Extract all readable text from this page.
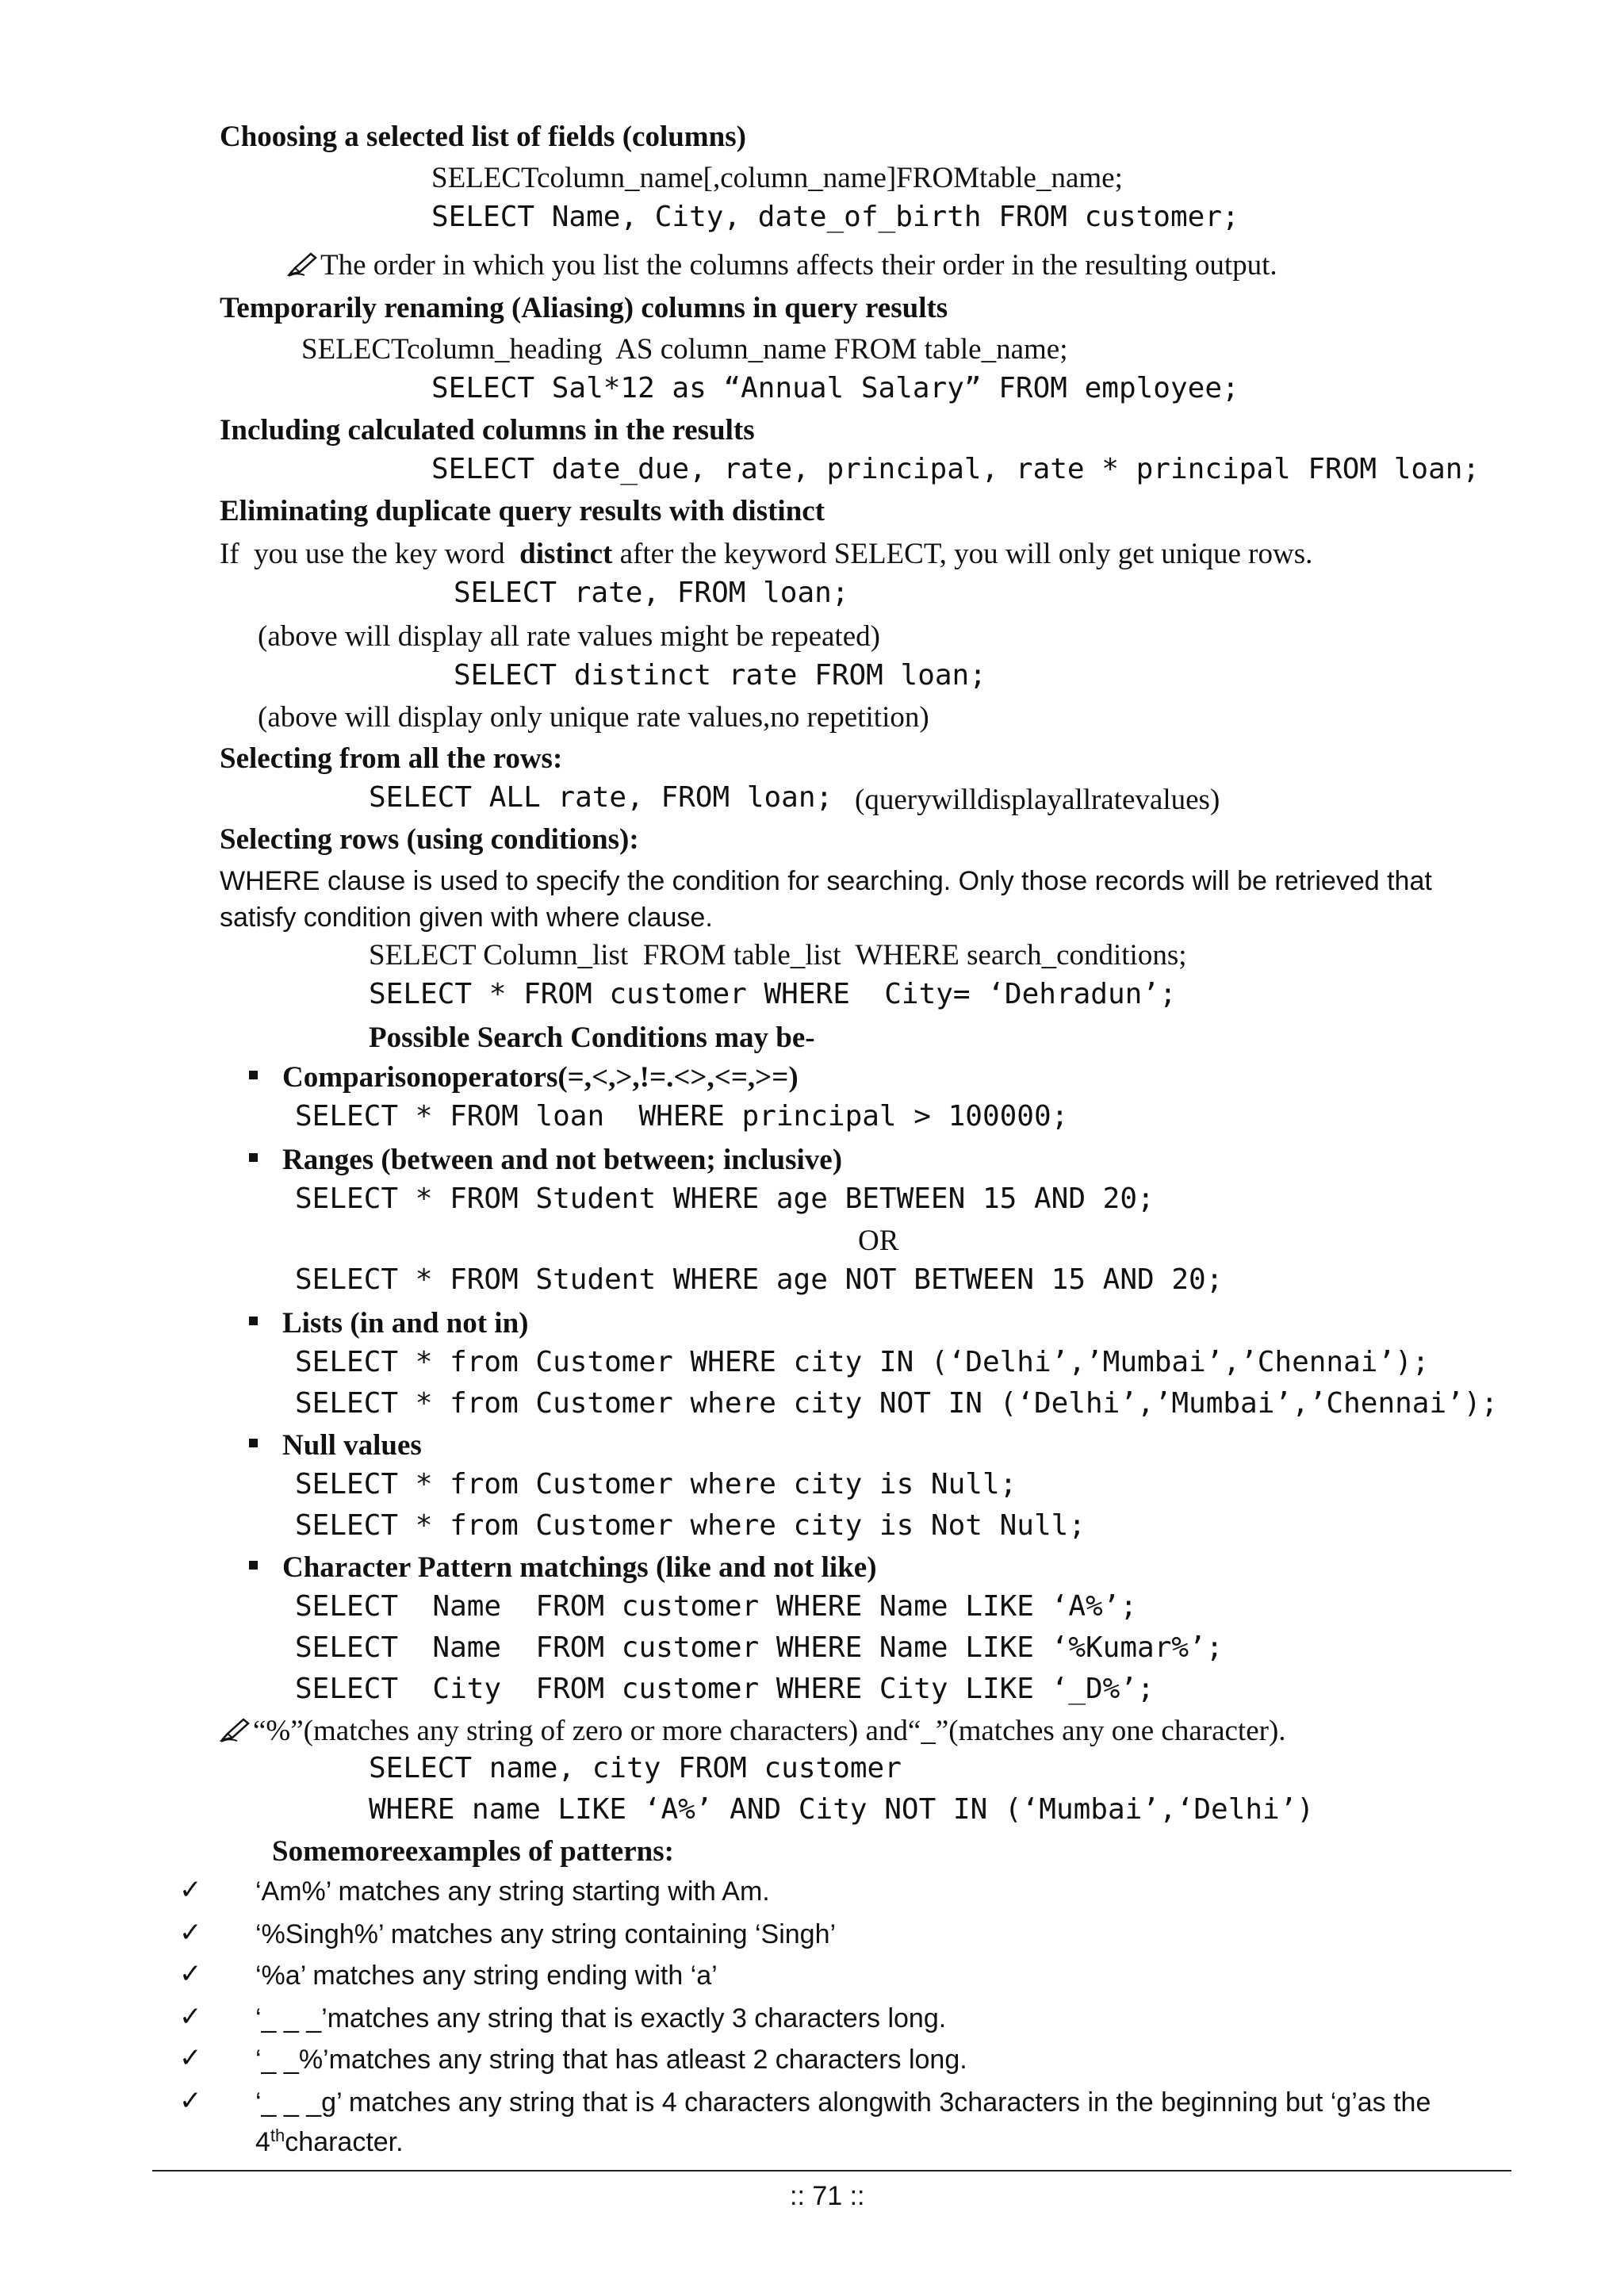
Choosing a selected list of fields (columns)
SELECTcolumn_name[,column_name]FROMtable_name;
SELECT Name, City, date_of_birth FROM customer;
The order in which you list the columns affects their order in the resulting output.
Temporarily renaming (Aliasing) columns in query results
SELECTcolumn_heading  AS column_name FROM table_name;
SELECT Sal*12 as “Annual Salary” FROM employee;
Including calculated columns in the results
SELECT date_due, rate, principal, rate * principal FROM loan;
Eliminating duplicate query results with distinct
If  you use the key word  distinct after the keyword SELECT, you will only get unique rows.
SELECT rate, FROM loan;
(above will display all rate values might be repeated)
SELECT distinct rate FROM loan;
(above will display only unique rate values,no repetition)
Selecting from all the rows:
SELECT ALL rate, FROM loan; (querywilldisplayallratevalues)
Selecting rows (using conditions):
WHERE clause is used to specify the condition for searching. Only those records will be retrieved that
satisfy condition given with where clause.
SELECT Column_list  FROM table_list  WHERE search_conditions;
SELECT * FROM customer WHERE  City= ‘Dehradun’;
Possible Search Conditions may be-
Comparisonoperators(=,<,>,!=.<>,<=,>=)
SELECT * FROM loan  WHERE principal > 100000;
Ranges (between and not between; inclusive)
SELECT * FROM Student WHERE age BETWEEN 15 AND 20;
OR
SELECT * FROM Student WHERE age NOT BETWEEN 15 AND 20;
Lists (in and not in)
SELECT * from Customer WHERE city IN (‘Delhi’,’Mumbai’,’Chennai’);
SELECT * from Customer where city NOT IN (‘Delhi’,’Mumbai’,’Chennai’);
Null values
SELECT * from Customer where city is Null;
SELECT * from Customer where city is Not Null;
Character Pattern matchings (like and not like)
SELECT  Name  FROM customer WHERE Name LIKE ‘A%’;
SELECT  Name  FROM customer WHERE Name LIKE ‘%Kumar%’;
SELECT  City  FROM customer WHERE City LIKE ‘_D%’;
“%”(matches any string of zero or more characters) and“_”(matches any one character).
SELECT name, city FROM customer
WHERE name LIKE ‘A%’ AND City NOT IN (‘Mumbai’,‘Delhi’)
Somemoreexamples of patterns:
✓ ‘Am%’ matches any string starting with Am.
✓ ‘%Singh%’ matches any string containing ‘Singh’
✓ ‘%a’ matches any string ending with ‘a’
✓ ‘_ _ _’matches any string that is exactly 3 characters long.
✓ ‘_ _%’matches any string that has atleast 2 characters long.
✓ ‘_ _ _g’ matches any string that is 4 characters alongwith 3characters in the beginning but ‘g’as the
4thcharacter.
:: 71 ::
